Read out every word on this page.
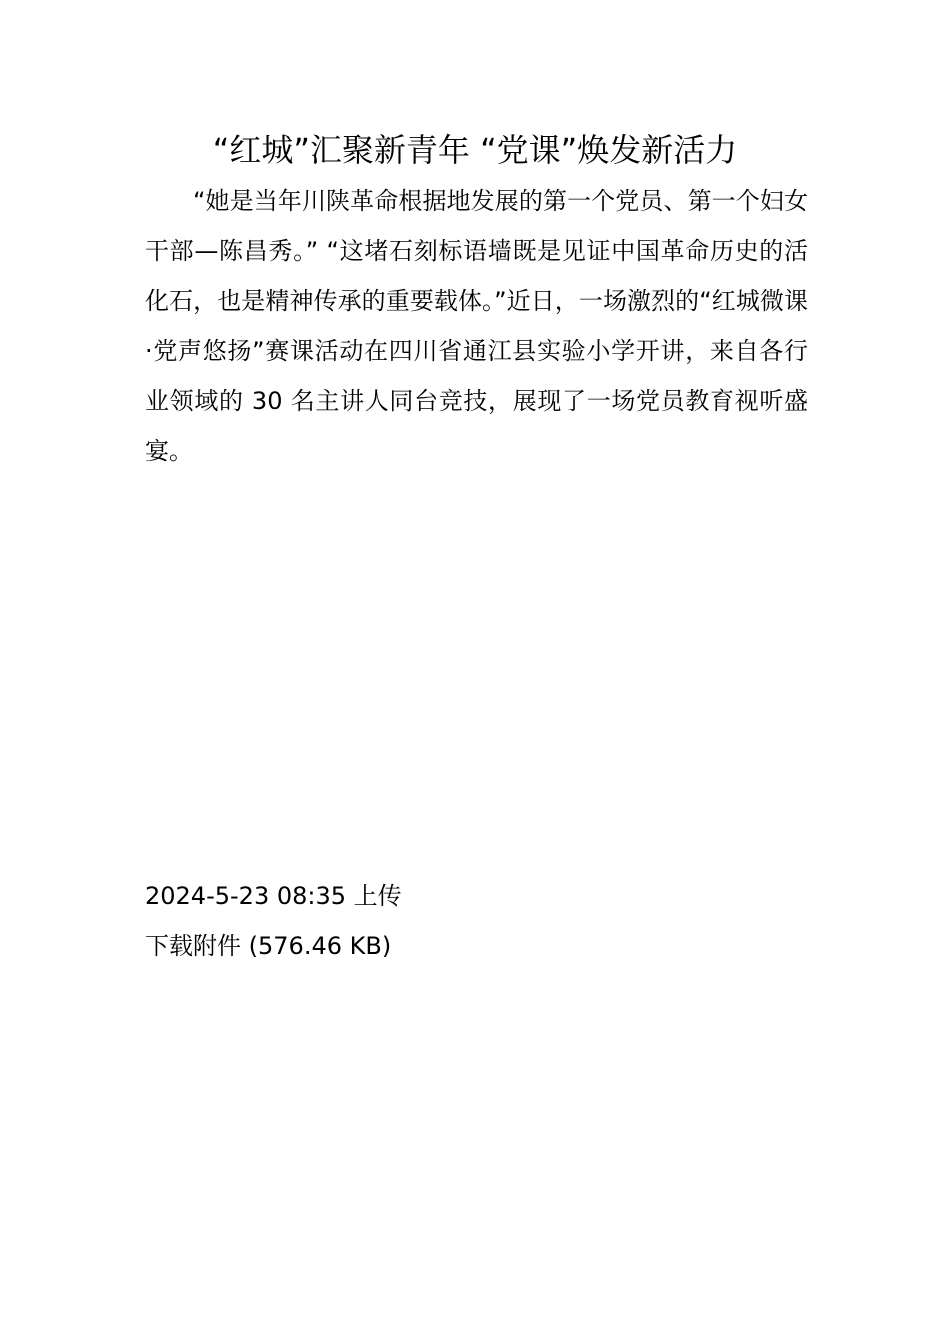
“红城”汇聚新青年 “党课”焕发新活力

“她是当年川陕革命根据地发展的第一个党员、第一个妇女干部—陈昌秀。” “这堵石刻标语墙既是见证中国革命历史的活化石，也是精神传承的重要载体。”近日，一场激烈的“红城微课·党声悠扬”赛课活动在四川省通江县实验小学开讲，来自各行业领域的 30 名主讲人同台竞技，展现了一场党员教育视听盛宴。

2024-5-23 08:35 上传
下载附件 (576.46 KB)
